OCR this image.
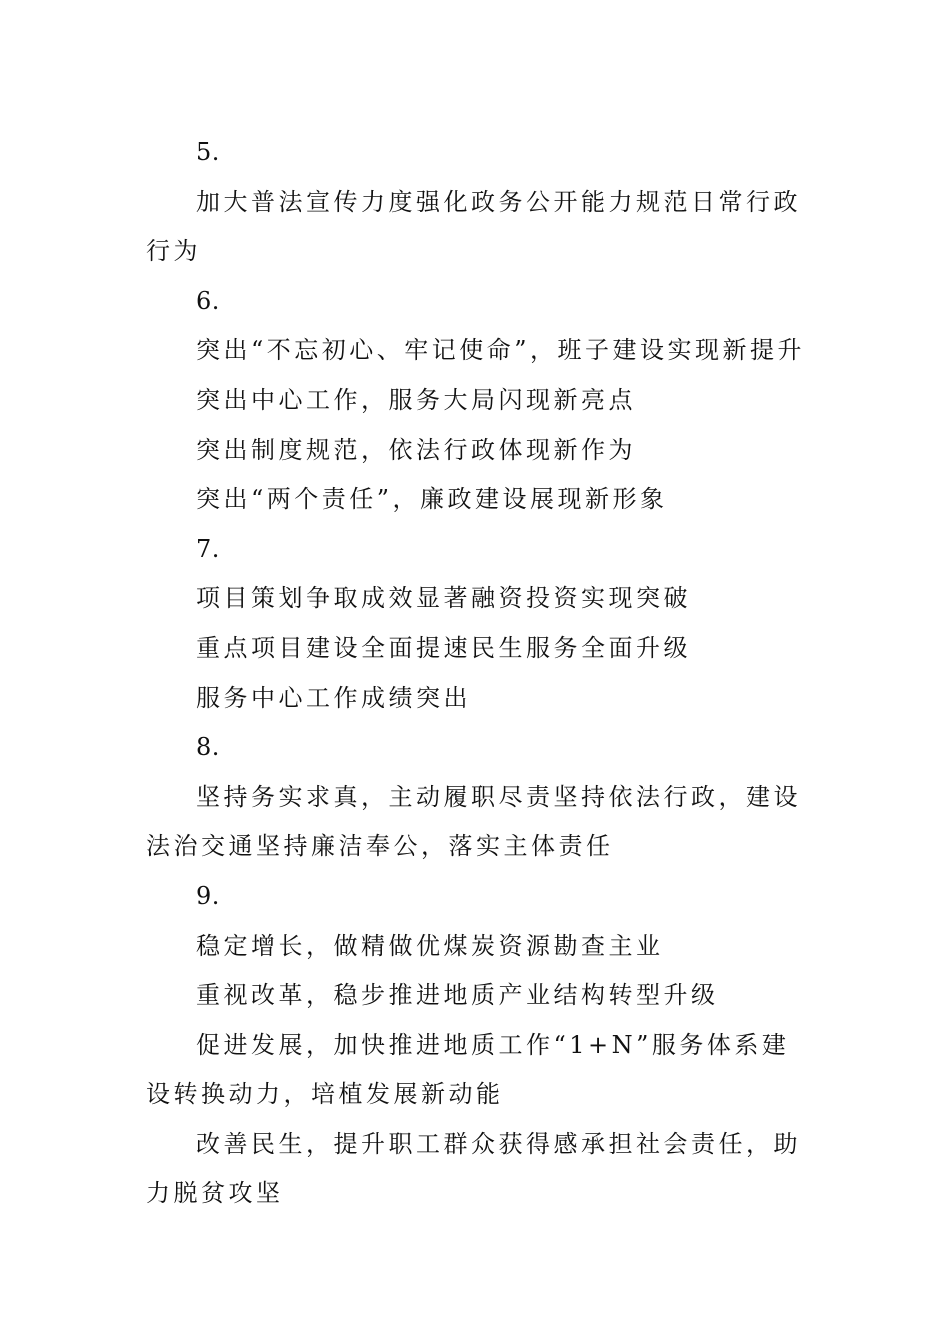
5.

加大普法宣传力度强化政务公开能力规范日常行政行为

6.

突出“不忘初心、牢记使命”，班子建设实现新提升

突出中心工作，服务大局闪现新亮点

突出制度规范，依法行政体现新作为

突出“两个责任”，廉政建设展现新形象

7.

项目策划争取成效显著融资投资实现突破

重点项目建设全面提速民生服务全面升级

服务中心工作成绩突出

8.

坚持务实求真，主动履职尽责坚持依法行政，建设法治交通坚持廉洁奉公，落实主体责任

9.

稳定增长，做精做优煤炭资源勘查主业

重视改革，稳步推进地质产业结构转型升级

促进发展，加快推进地质工作“1+N”服务体系建设转换动力，培植发展新动能

改善民生，提升职工群众获得感承担社会责任，助力脱贫攻坚
